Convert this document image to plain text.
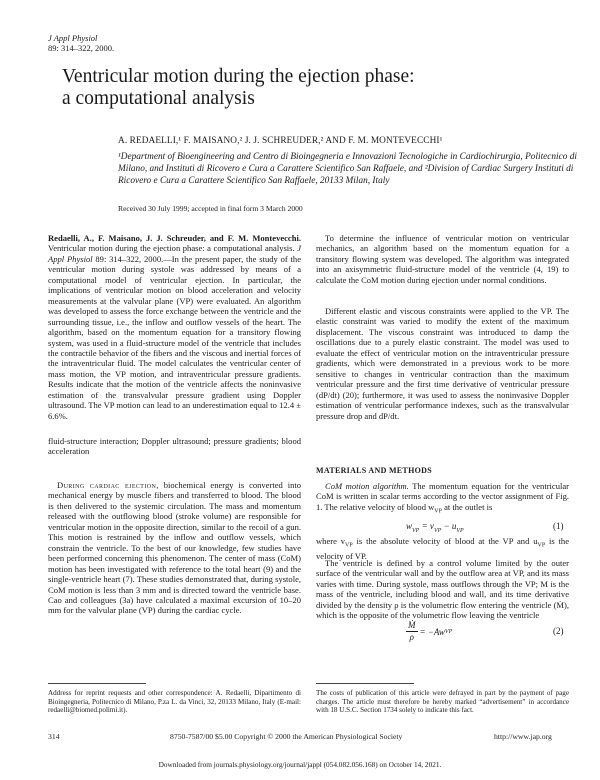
J Appl Physiol
89: 314–322, 2000.
Ventricular motion during the ejection phase:
a computational analysis
A. REDAELLI,¹ F. MAISANO,² J. J. SCHREUDER,² AND F. M. MONTEVECCHI¹
¹Department of Bioengineering and Centro di Bioingegneria e Innovazioni Tecnologiche in Cardiochirurgia, Politecnico di Milano, and Instituti di Ricovero e Cura a Carattere Scientifico San Raffaele, and ²Division of Cardiac Surgery Instituti di Ricovero e Cura a Carattere Scientifico San Raffaele, 20133 Milan, Italy
Received 30 July 1999; accepted in final form 3 March 2000

Redaelli, A., F. Maisano, J. J. Schreuder, and F. M. Montevecchi. Ventricular motion during the ejection phase: a computational analysis. J Appl Physiol 89: 314–322, 2000.—In the present paper, the study of the ventricular motion during systole was addressed by means of a computational model of ventricular ejection. In particular, the implications of ventricular motion on blood acceleration and velocity measurements at the valvular plane (VP) were evaluated. An algorithm was developed to assess the force exchange between the ventricle and the surrounding tissue, i.e., the inflow and outflow vessels of the heart. The algorithm, based on the momentum equation for a transitory flowing system, was used in a fluid-structure model of the ventricle that includes the contractile behavior of the fibers and the viscous and inertial forces of the intraventricular fluid. The model calculates the ventricular center of mass motion, the VP motion, and intraventricular pressure gradients. Results indicate that the motion of the ventricle affects the noninvasive estimation of the transvalvular pressure gradient using Doppler ultrasound. The VP motion can lead to an underestimation equal to 12.4 ± 6.6%.

fluid-structure interaction; Doppler ultrasound; pressure gradients; blood acceleration

During cardiac ejection, biochemical energy is converted into mechanical energy by muscle fibers and transferred to blood. The blood is then delivered to the systemic circulation. The mass and momentum released with the outflowing blood (stroke volume) are responsible for ventricular motion in the opposite direction, similar to the recoil of a gun. This motion is restrained by the inflow and outflow vessels, which constrain the ventricle. To the best of our knowledge, few studies have been performed concerning this phenomenon. The center of mass (CoM) motion has been investigated with reference to the total heart (9) and the single-ventricle heart (7). These studies demonstrated that, during systole, CoM motion is less than 3 mm and is directed toward the ventricle base. Cao and colleagues (3a) have calculated a maximal excursion of 10–20 mm for the valvular plane (VP) during the cardiac cycle.

To determine the influence of ventricular motion on ventricular mechanics, an algorithm based on the momentum equation for a transitory flowing system was developed. The algorithm was integrated into an axisymmetric fluid-structure model of the ventricle (4, 19) to calculate the CoM motion during ejection under normal conditions.
Different elastic and viscous constraints were applied to the VP. The elastic constraint was varied to modify the extent of the maximum displacement. The viscous constraint was introduced to damp the oscillations due to a purely elastic constraint. The model was used to evaluate the effect of ventricular motion on the intraventricular pressure gradients, which were demonstrated in a previous work to be more sensitive to changes in ventricular contraction than the maximum ventricular pressure and the first time derivative of ventricular pressure (dP/dt) (20); furthermore, it was used to assess the noninvasive Doppler estimation of ventricular performance indexes, such as the transvalvular pressure drop and dP/dt.
MATERIALS AND METHODS

CoM motion algorithm. The momentum equation for the ventricular CoM is written in scalar terms according to the vector assignment of Fig. 1. The relative velocity of blood $w_{VP}$ at the outlet is

$w_{VP} = v_{VP} - u_{VP}$	(1)
where $v_{VP}$ is the absolute velocity of blood at the VP and $u_{VP}$ is the velocity of VP.
The ventricle is defined by a control volume limited by the outer surface of the ventricular wall and by the outflow area at VP, and its mass varies with time. During systole, mass outflows through the VP; M is the mass of the ventricle, including blood and wall, and its time derivative divided by the density ρ is the volumetric flow entering the ventricle (Ṁ), which is the opposite of the volumetric flow leaving the ventricle
$\frac{\text{Ṁ}}{\rho} = -Aw$ VP	(2)
Address for reprint requests and other correspondence: A. Redaelli, Dipartimento di Bioingegneria, Politecnico di Milano, P.za L. da Vinci, 32, 20133 Milano, Italy (E-mail: redaelli@biomed.polimi.it).
The costs of publication of this article were defrayed in part by the payment of page charges. The article must therefore be hereby marked “advertisement” in accordance with 18 U.S.C. Section 1734 solely to indicate this fact.
314	8750-7587/00 $5.00 Copyright © 2000 the American Physiological Society	http://www.jap.org
Downloaded from journals.physiology.org/journal/jappl (054.082.056.168) on October 14, 2021.
